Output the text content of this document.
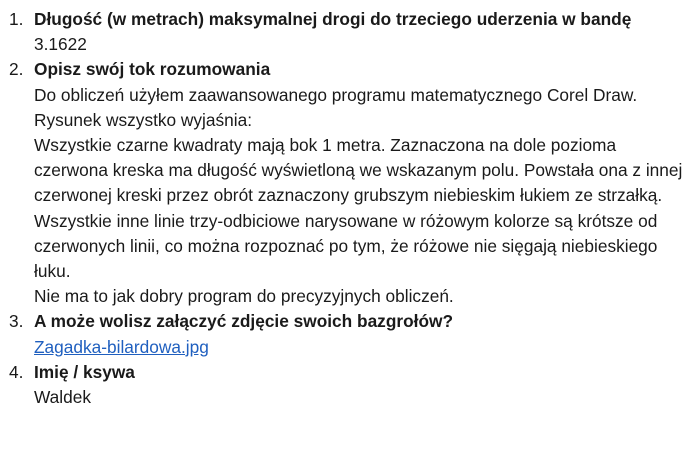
1. Długość (w metrach) maksymalnej drogi do trzeciego uderzenia w bandę
3.1622
2. Opisz swój tok rozumowania
Do obliczeń użyłem zaawansowanego programu matematycznego Corel Draw.
Rysunek wszystko wyjaśnia:
Wszystkie czarne kwadraty mają bok 1 metra. Zaznaczona na dole pozioma czerwona kreska ma długość wyświetloną we wskazanym polu. Powstała ona z innej czerwonej kreski przez obrót zaznaczony grubszym niebieskim łukiem ze strzałką. Wszystkie inne linie trzy-odbiciowe narysowane w różowym kolorze są krótsze od czerwonych linii, co można rozpoznać po tym, że różowe nie sięgają niebieskiego łuku.
Nie ma to jak dobry program do precyzyjnych obliczeń.
3. A może wolisz załączyć zdjęcie swoich bazgrołów?
Zagadka-bilardowa.jpg
4. Imię / ksywa
Waldek
